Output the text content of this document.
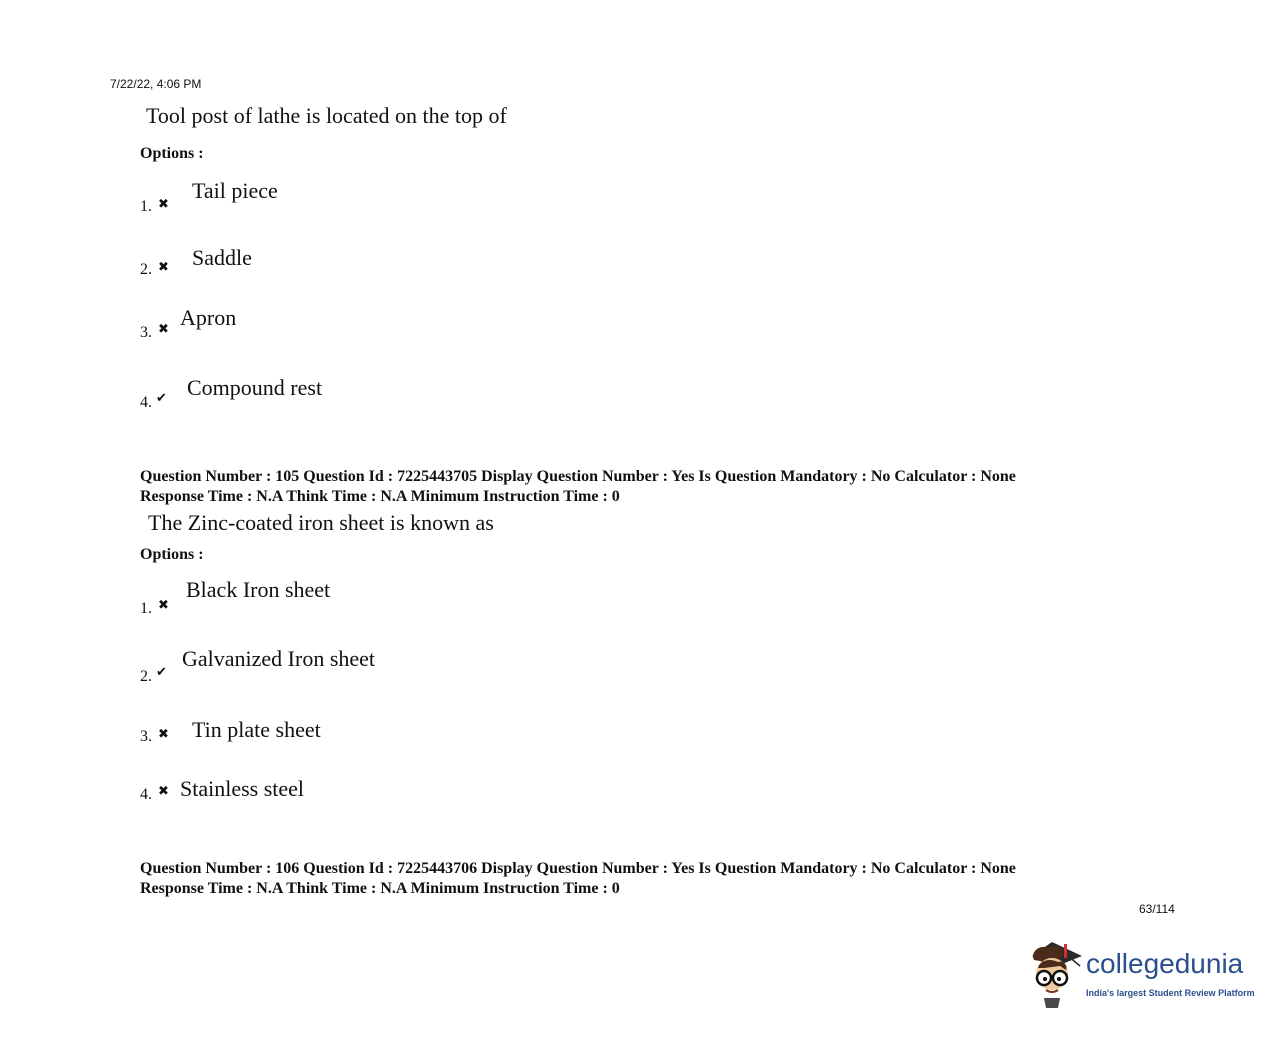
7/22/22, 4:06 PM
Tool post of lathe is located on the top of
Options :
1. ✖
Tail piece
2. ✖ Saddle
3. ✖ Apron
4. ✔ Compound rest
Question Number : 105 Question Id : 7225443705 Display Question Number : Yes Is Question Mandatory : No Calculator : None
Response Time : N.A Think Time : N.A Minimum Instruction Time : 0
The Zinc-coated iron sheet is known as
Options :
1. ✖
Black Iron sheet
2. ✔
Galvanized Iron sheet
3. ✖ Tin plate sheet
4. ✖ Stainless steel
Question Number : 106 Question Id : 7225443706 Display Question Number : Yes Is Question Mandatory : No Calculator : None
Response Time : N.A Think Time : N.A Minimum Instruction Time : 0
63/114
collegedunia
India's largest Student Review Platform
